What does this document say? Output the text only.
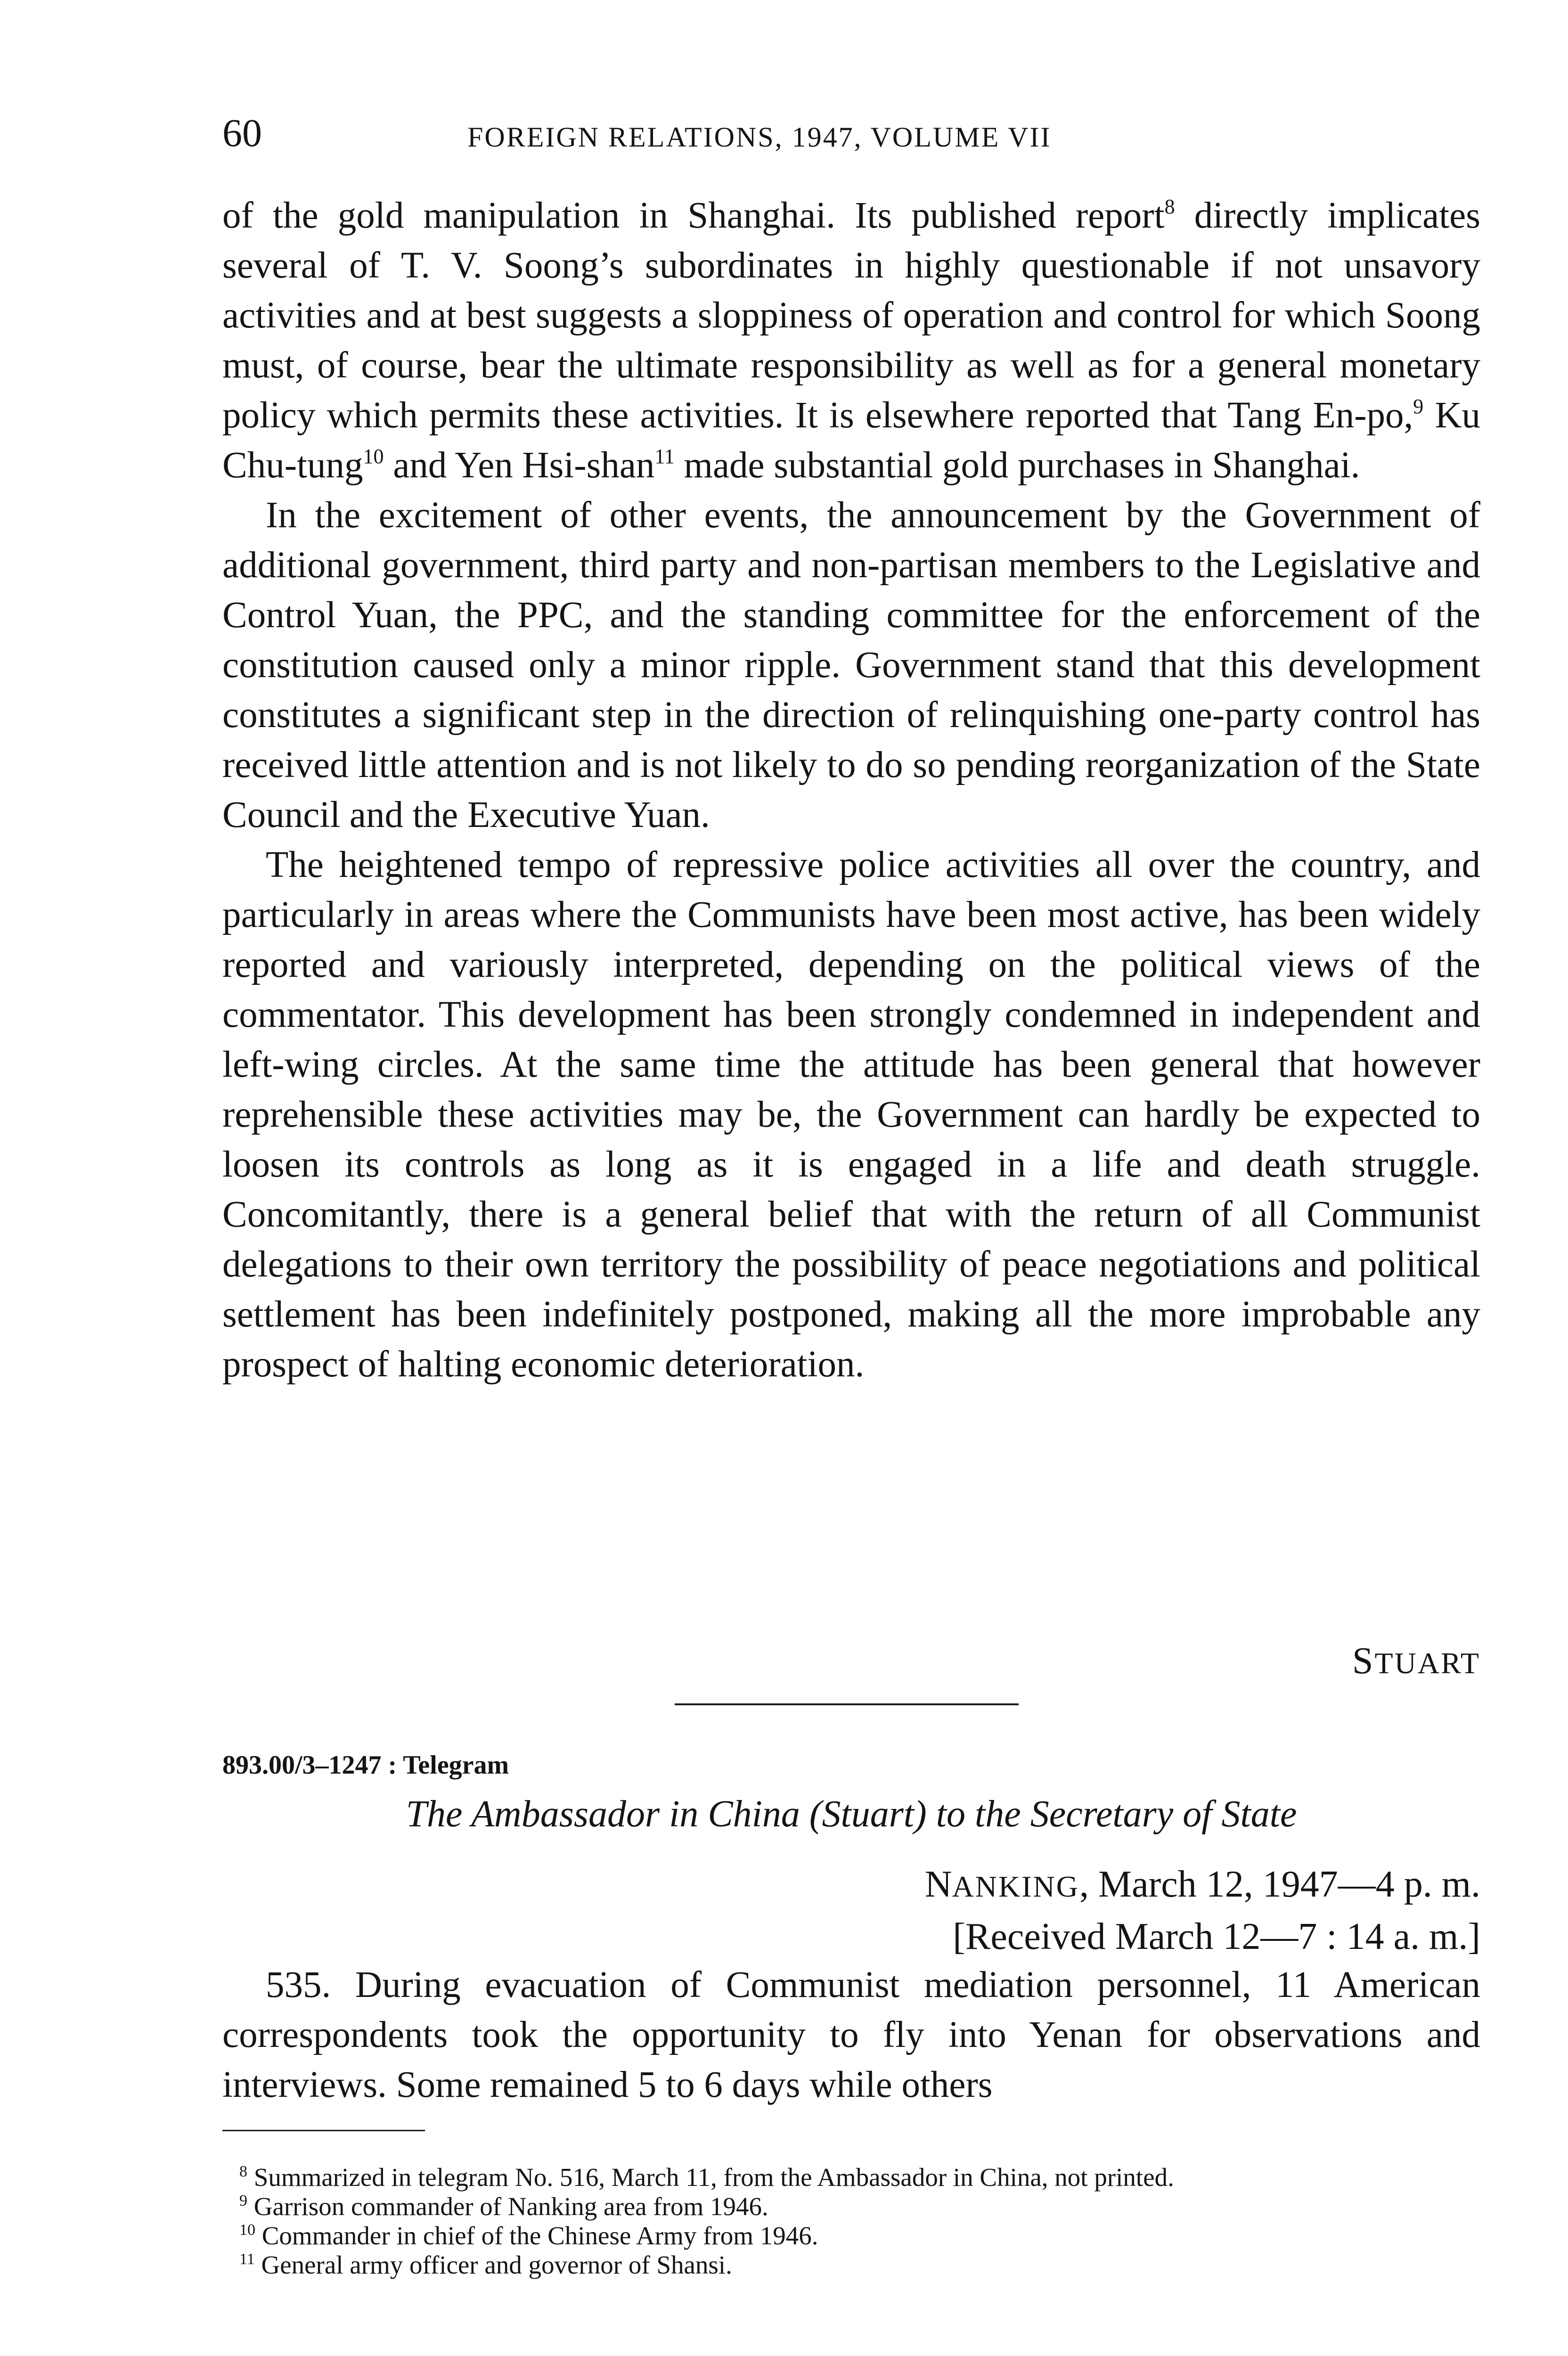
60	FOREIGN RELATIONS, 1947, VOLUME VII

of the gold manipulation in Shanghai. Its published report$^8$ directly implicates several of T. V. Soong’s subordinates in highly questionable if not unsavory activities and at best suggests a sloppiness of operation and control for which Soong must, of course, bear the ultimate responsibility as well as for a general monetary policy which permits these activities. It is elsewhere reported that Tang En-po,$^9$ Ku Chu-tung$^{10}$ and Yen Hsi-shan$^{11}$ made substantial gold purchases in Shanghai.

In the excitement of other events, the announcement by the Government of additional government, third party and non-partisan members to the Legislative and Control Yuan, the PPC, and the standing committee for the enforcement of the constitution caused only a minor ripple. Government stand that this development constitutes a significant step in the direction of relinquishing one-party control has received little attention and is not likely to do so pending reorganization of the State Council and the Executive Yuan.

The heightened tempo of repressive police activities all over the country, and particularly in areas where the Communists have been most active, has been widely reported and variously interpreted, depending on the political views of the commentator. This development has been strongly condemned in independent and left-wing circles. At the same time the attitude has been general that however reprehensible these activities may be, the Government can hardly be expected to loosen its controls as long as it is engaged in a life and death struggle. Concomitantly, there is a general belief that with the return of all Communist delegations to their own territory the possibility of peace negotiations and political settlement has been indefinitely postponed, making all the more improbable any prospect of halting economic deterioration.

STUART
893.00/3–1247 : Telegram
The Ambassador in China (Stuart) to the Secretary of State
NANKING, March 12, 1947—4 p. m.
[Received March 12—7 : 14 a. m.]

535. During evacuation of Communist mediation personnel, 11 American correspondents took the opportunity to fly into Yenan for observations and interviews. Some remained 5 to 6 days while others

$^8$ Summarized in telegram No. 516, March 11, from the Ambassador in China, not printed.

$^9$ Garrison commander of Nanking area from 1946.

$^{10}$ Commander in chief of the Chinese Army from 1946.

$^{11}$ General army officer and governor of Shansi.
